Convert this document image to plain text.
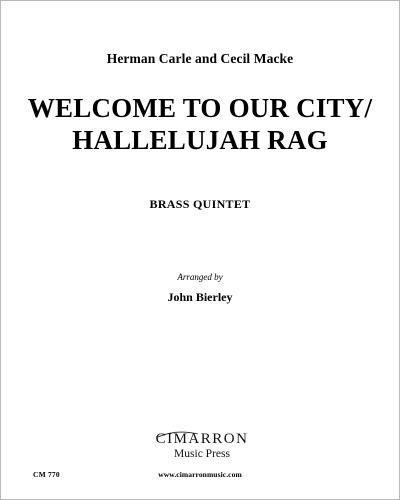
Herman Carle and Cecil Macke
WELCOME TO OUR CITY/
HALLELUJAH RAG
BRASS QUINTET
Arranged by
John Bierley
CIMARRON
Music Press
CM 770	www.cimarronmusic.com
